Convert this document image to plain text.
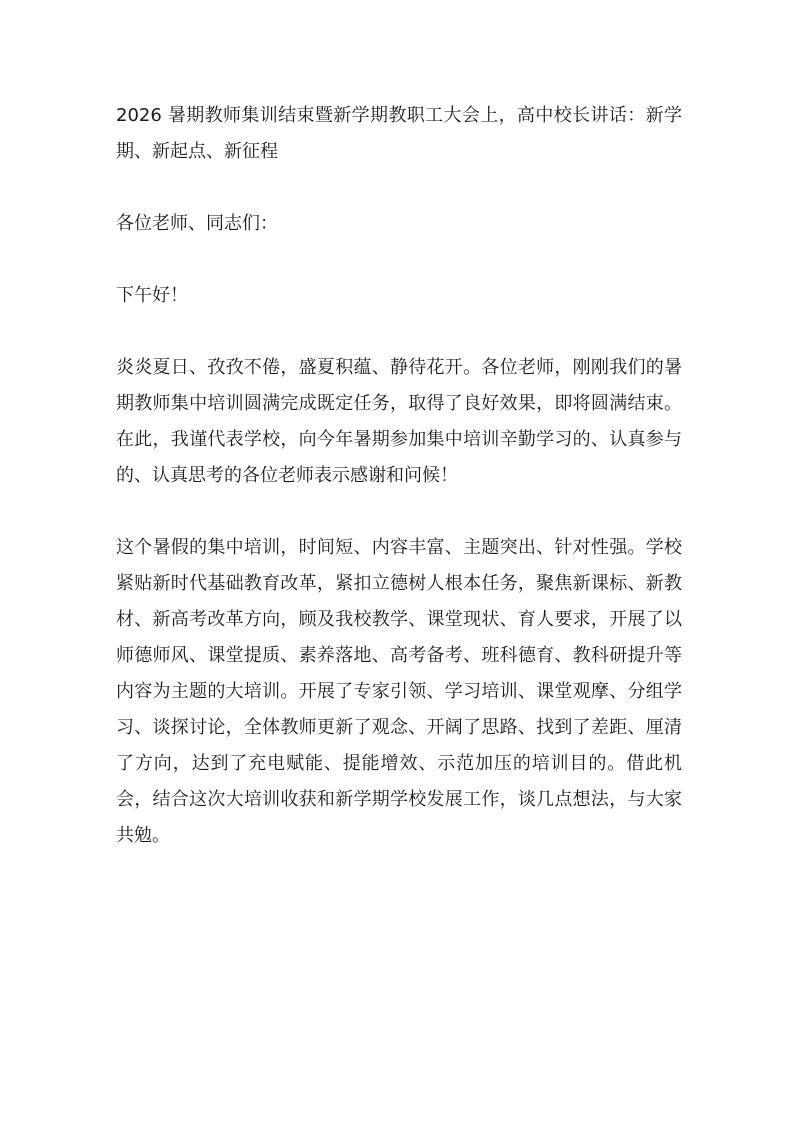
2026 暑期教师集训结束暨新学期教职工大会上，高中校长讲话：新学期、新起点、新征程

各位老师、同志们：

下午好！

炎炎夏日、孜孜不倦，盛夏积蕴、静待花开。各位老师，刚刚我们的暑期教师集中培训圆满完成既定任务，取得了良好效果，即将圆满结束。在此，我谨代表学校，向今年暑期参加集中培训辛勤学习的、认真参与的、认真思考的各位老师表示感谢和问候！

这个暑假的集中培训，时间短、内容丰富、主题突出、针对性强。学校紧贴新时代基础教育改革，紧扣立德树人根本任务，聚焦新课标、新教材、新高考改革方向，顾及我校教学、课堂现状、育人要求，开展了以师德师风、课堂提质、素养落地、高考备考、班科德育、教科研提升等内容为主题的大培训。开展了专家引领、学习培训、课堂观摩、分组学习、谈探讨论，全体教师更新了观念、开阔了思路、找到了差距、厘清了方向，达到了充电赋能、提能增效、示范加压的培训目的。借此机会，结合这次大培训收获和新学期学校发展工作，谈几点想法，与大家共勉。
